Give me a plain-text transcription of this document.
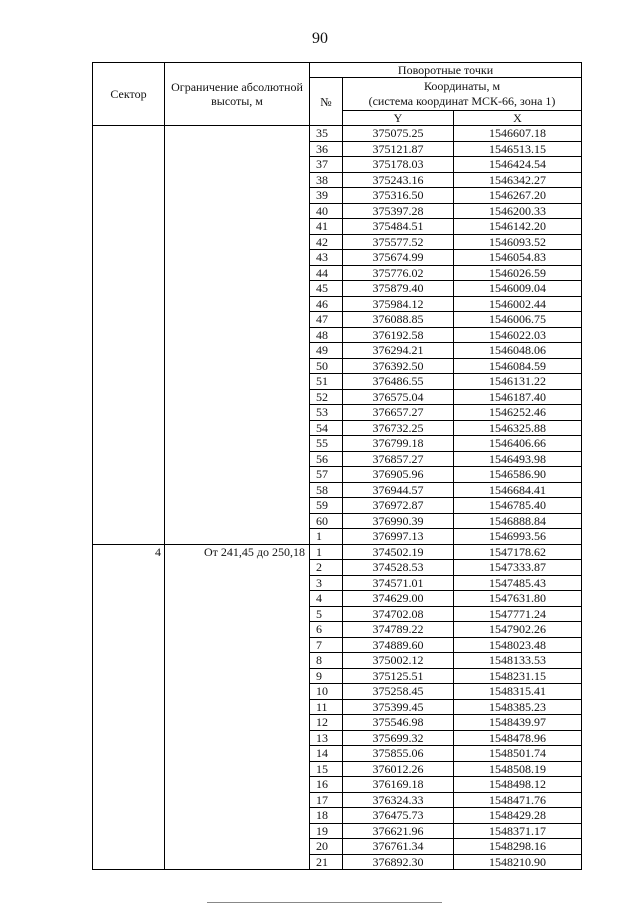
90
Сектор	Ограничение абсолютной высоты, м	Поворотные точки		
		№	Координаты, м
(система координат МСК-66, зона 1)	

			Y	X
		35	375075.25	1546607.18
		36	375121.87	1546513.15
		37	375178.03	1546424.54
		38	375243.16	1546342.27
		39	375316.50	1546267.20
		40	375397.28	1546200.33
		41	375484.51	1546142.20
		42	375577.52	1546093.52
		43	375674.99	1546054.83
		44	375776.02	1546026.59
		45	375879.40	1546009.04
		46	375984.12	1546002.44
		47	376088.85	1546006.75
		48	376192.58	1546022.03
		49	376294.21	1546048.06
		50	376392.50	1546084.59
		51	376486.55	1546131.22
		52	376575.04	1546187.40
		53	376657.27	1546252.46
		54	376732.25	1546325.88
		55	376799.18	1546406.66
		56	376857.27	1546493.98
		57	376905.96	1546586.90
		58	376944.57	1546684.41
		59	376972.87	1546785.40
		60	376990.39	1546888.84
		1	376997.13	1546993.56
4	От 241,45 до 250,18	1	374502.19	1547178.62
		2	374528.53	1547333.87
		3	374571.01	1547485.43
		4	374629.00	1547631.80
		5	374702.08	1547771.24
		6	374789.22	1547902.26
		7	374889.60	1548023.48
		8	375002.12	1548133.53
		9	375125.51	1548231.15
		10	375258.45	1548315.41
		11	375399.45	1548385.23
		12	375546.98	1548439.97
		13	375699.32	1548478.96
		14	375855.06	1548501.74
		15	376012.26	1548508.19
		16	376169.18	1548498.12
		17	376324.33	1548471.76
		18	376475.73	1548429.28
		19	376621.96	1548371.17
		20	376761.34	1548298.16
		21	376892.30	1548210.90
